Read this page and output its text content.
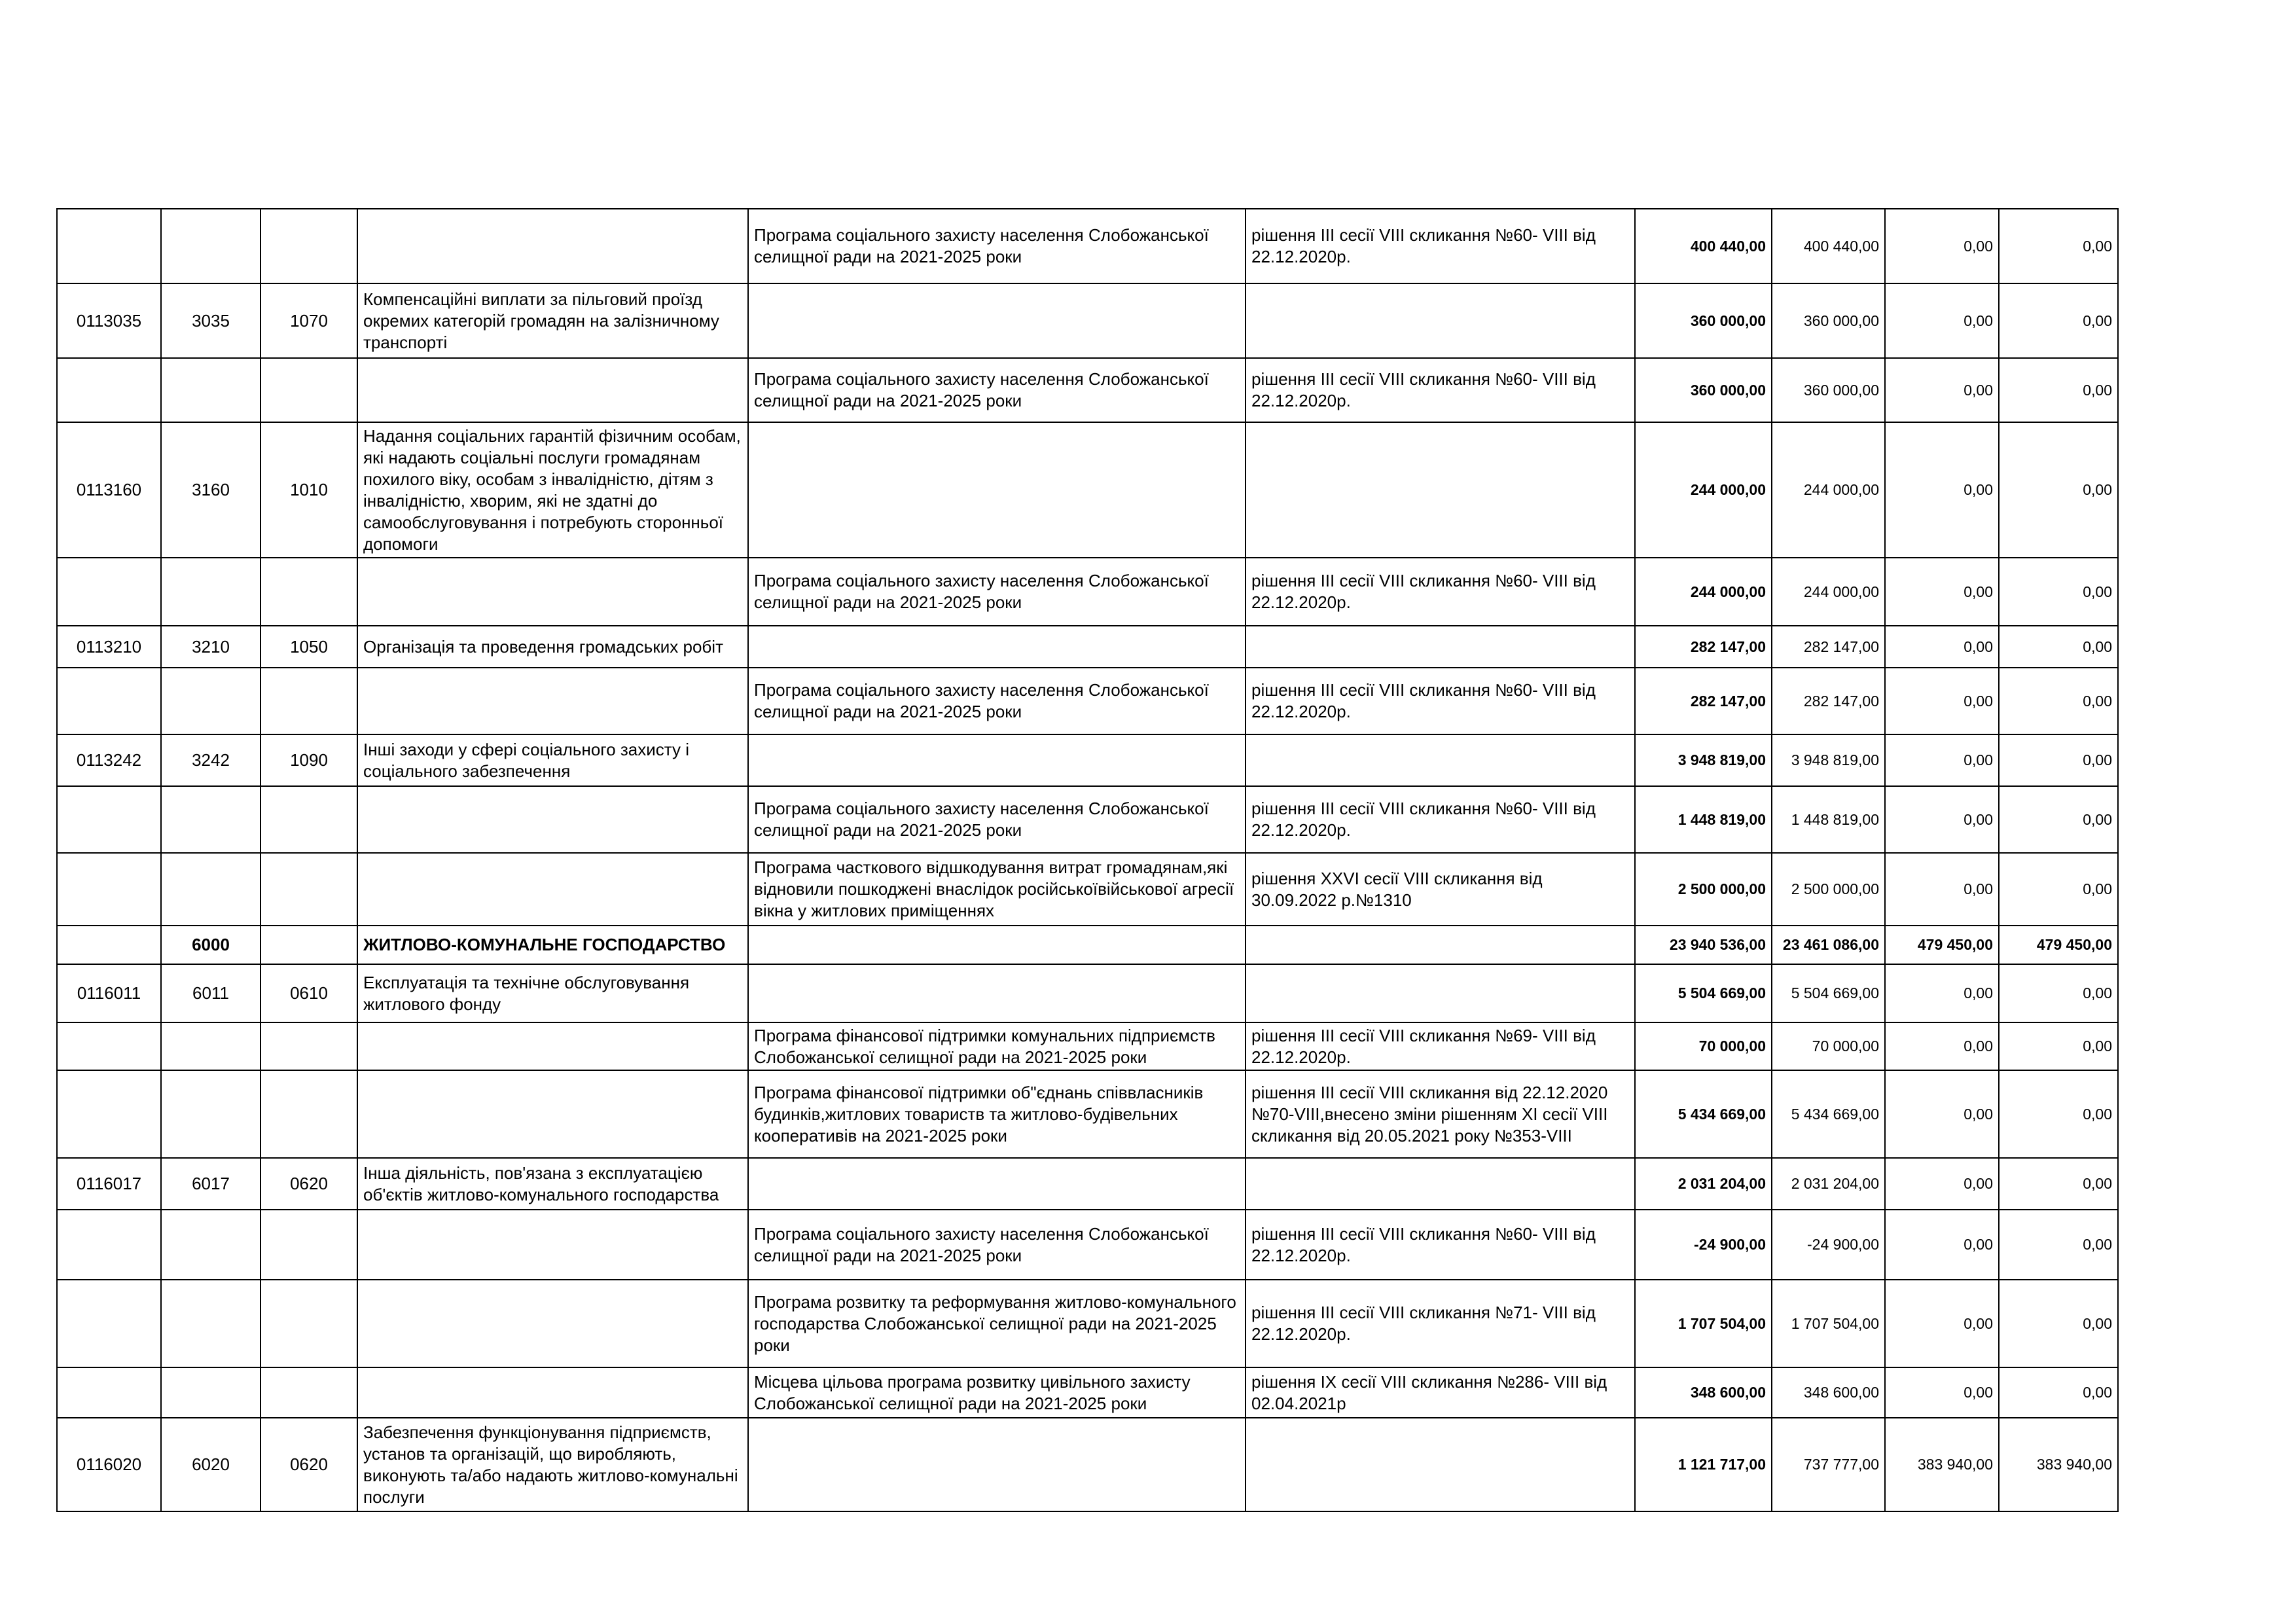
				Програма соціального захисту населення Слобожанської селищної ради на 2021-2025 роки	рішення ІІІ сесії VIII скликання №60- VIII від 22.12.2020р.	400 440,00	400 440,00	0,00	0,00
0113035	3035	1070	Компенсаційні виплати за пільговий проїзд окремих категорій громадян на залізничному транспорті			360 000,00	360 000,00	0,00	0,00
				Програма соціального захисту населення Слобожанської селищної ради на 2021-2025 роки	рішення ІІІ сесії VIII скликання №60- VIII від 22.12.2020р.	360 000,00	360 000,00	0,00	0,00
0113160	3160	1010	Надання соціальних гарантій фізичним особам, які надають соціальні послуги громадянам похилого віку, особам з інвалідністю, дітям з інвалідністю, хворим, які не здатні до самообслуговування і потребують сторонньої допомоги			244 000,00	244 000,00	0,00	0,00
				Програма соціального захисту населення Слобожанської селищної ради на 2021-2025 роки	рішення ІІІ сесії VIII скликання №60- VIII від 22.12.2020р.	244 000,00	244 000,00	0,00	0,00
0113210	3210	1050	Організація та проведення громадських робіт			282 147,00	282 147,00	0,00	0,00
				Програма соціального захисту населення Слобожанської селищної ради на 2021-2025 роки	рішення ІІІ сесії VIII скликання №60- VIII від 22.12.2020р.	282 147,00	282 147,00	0,00	0,00
0113242	3242	1090	Інші заходи у сфері соціального захисту і соціального забезпечення			3 948 819,00	3 948 819,00	0,00	0,00
				Програма соціального захисту населення Слобожанської селищної ради на 2021-2025 роки	рішення ІІІ сесії VIII скликання №60- VIII від 22.12.2020р.	1 448 819,00	1 448 819,00	0,00	0,00
				Програма часткового відшкодування витрат громадянам,які відновили пошкоджені внаслідок російськоївійськової агресії вікна у житлових приміщеннях	рішення XXVI сесії VIII скликання від 30.09.2022 р.№1310	2 500 000,00	2 500 000,00	0,00	0,00
	6000		ЖИТЛОВО-КОМУНАЛЬНЕ ГОСПОДАРСТВО			23 940 536,00	23 461 086,00	479 450,00	479 450,00
0116011	6011	0610	Експлуатація та технічне обслуговування житлового фонду			5 504 669,00	5 504 669,00	0,00	0,00
				Програма фінансової підтримки комунальних підприємств Слобожанської селищної ради на 2021-2025 роки	рішення ІІІ сесії VIII скликання №69- VIII від 22.12.2020р.	70 000,00	70 000,00	0,00	0,00
				Програма фінансової підтримки об"єднань співвласників будинків,житлових товариств та житлово-будівельних кооперативів на 2021-2025 роки	рішення ІІІ сесії VIII скликання від 22.12.2020 №70-VIII,внесено зміни рішенням XI сесії VIII скликання від 20.05.2021 року №353-VIII	5 434 669,00	5 434 669,00	0,00	0,00
0116017	6017	0620	Інша діяльність, пов'язана з експлуатацією об'єктів житлово-комунального господарства			2 031 204,00	2 031 204,00	0,00	0,00
				Програма соціального захисту населення Слобожанської селищної ради на 2021-2025 роки	рішення ІІІ сесії VIII скликання №60- VIII від 22.12.2020р.	-24 900,00	-24 900,00	0,00	0,00
				Програма розвитку та реформування житлово-комунального господарства Слобожанської селищної ради на 2021-2025 роки	рішення ІІІ сесії VIII скликання №71- VIII від 22.12.2020р.	1 707 504,00	1 707 504,00	0,00	0,00
				Місцева цільова програма розвитку цивільного захисту Слобожанської селищної ради на 2021-2025 роки	рішення IX сесії VIII скликання №286- VIII від 02.04.2021р	348 600,00	348 600,00	0,00	0,00
0116020	6020	0620	Забезпечення функціонування підприємств, установ та організацій, що виробляють, виконують та/або надають житлово-комунальні послуги			1 121 717,00	737 777,00	383 940,00	383 940,00
